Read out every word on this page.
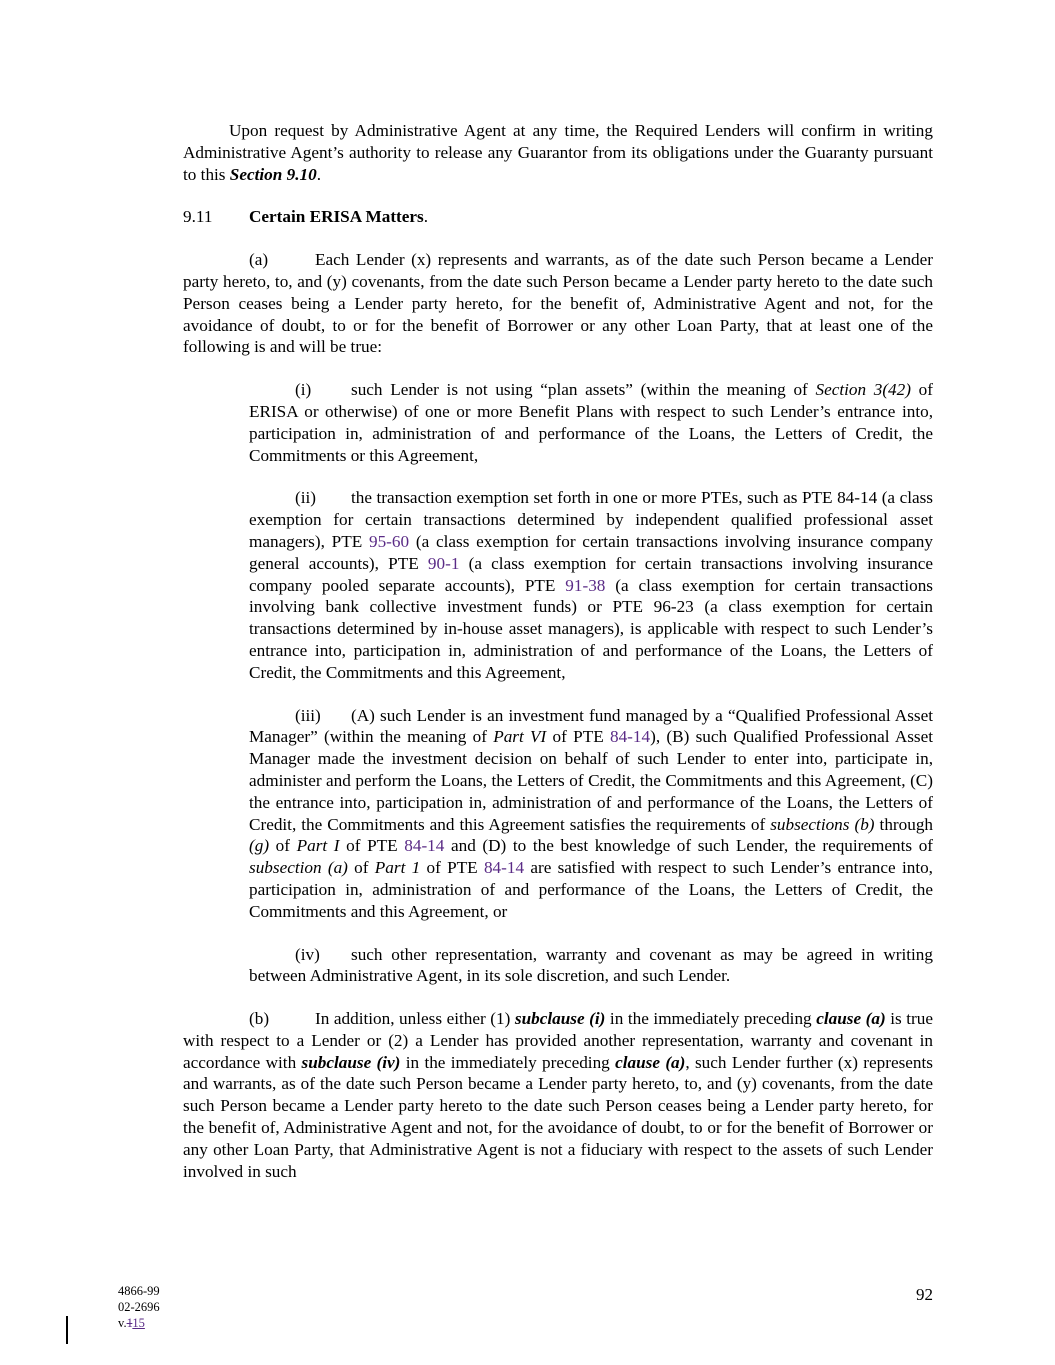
Upon request by Administrative Agent at any time, the Required Lenders will confirm in writing Administrative Agent’s authority to release any Guarantor from its obligations under the Guaranty pursuant to this Section 9.10.

9.11 Certain ERISA Matters.

(a)	Each Lender (x) represents and warrants, as of the date such Person became a Lender party hereto, to, and (y) covenants, from the date such Person became a Lender party hereto to the date such Person ceases being a Lender party hereto, for the benefit of, Administrative Agent and not, for the avoidance of doubt, to or for the benefit of Borrower or any other Loan Party, that at least one of the following is and will be true:

(i) such Lender is not using “plan assets” (within the meaning of Section 3(42) of ERISA or otherwise) of one or more Benefit Plans with respect to such Lender’s entrance into, participation in, administration of and performance of the Loans, the Letters of Credit, the Commitments or this Agreement,

(ii) the transaction exemption set forth in one or more PTEs, such as PTE 84-14 (a class exemption for certain transactions determined by independent qualified professional asset managers), PTE 95-60 (a class exemption for certain transactions involving insurance company general accounts), PTE 90-1 (a class exemption for certain transactions involving insurance company pooled separate accounts), PTE 91-38 (a class exemption for certain transactions involving bank collective investment funds) or PTE 96-23 (a class exemption for certain transactions determined by in-house asset managers), is applicable with respect to such Lender’s entrance into, participation in, administration of and performance of the Loans, the Letters of Credit, the Commitments and this Agreement,

(iii) (A) such Lender is an investment fund managed by a “Qualified Professional Asset Manager” (within the meaning of Part VI of PTE 84-14), (B) such Qualified Professional Asset Manager made the investment decision on behalf of such Lender to enter into, participate in, administer and perform the Loans, the Letters of Credit, the Commitments and this Agreement, (C) the entrance into, participation in, administration of and performance of the Loans, the Letters of Credit, the Commitments and this Agreement satisfies the requirements of subsections (b) through (g) of Part I of PTE 84-14 and (D) to the best knowledge of such Lender, the requirements of subsection (a) of Part 1 of PTE 84-14 are satisfied with respect to such Lender’s entrance into, participation in, administration of and performance of the Loans, the Letters of Credit, the Commitments and this Agreement, or

(iv) such other representation, warranty and covenant as may be agreed in writing between Administrative Agent, in its sole discretion, and such Lender.

(b)	In addition, unless either (1) subclause (i) in the immediately preceding clause (a) is true with respect to a Lender or (2) a Lender has provided another representation, warranty and covenant in accordance with subclause (iv) in the immediately preceding clause (a), such Lender further (x) represents and warrants, as of the date such Person became a Lender party hereto, to, and (y) covenants, from the date such Person became a Lender party hereto to the date such Person ceases being a Lender party hereto, for the benefit of, Administrative Agent and not, for the avoidance of doubt, to or for the benefit of Borrower or any other Loan Party, that Administrative Agent is not a fiduciary with respect to the assets of such Lender involved in such

4866-99
02-2696
v.115
92
